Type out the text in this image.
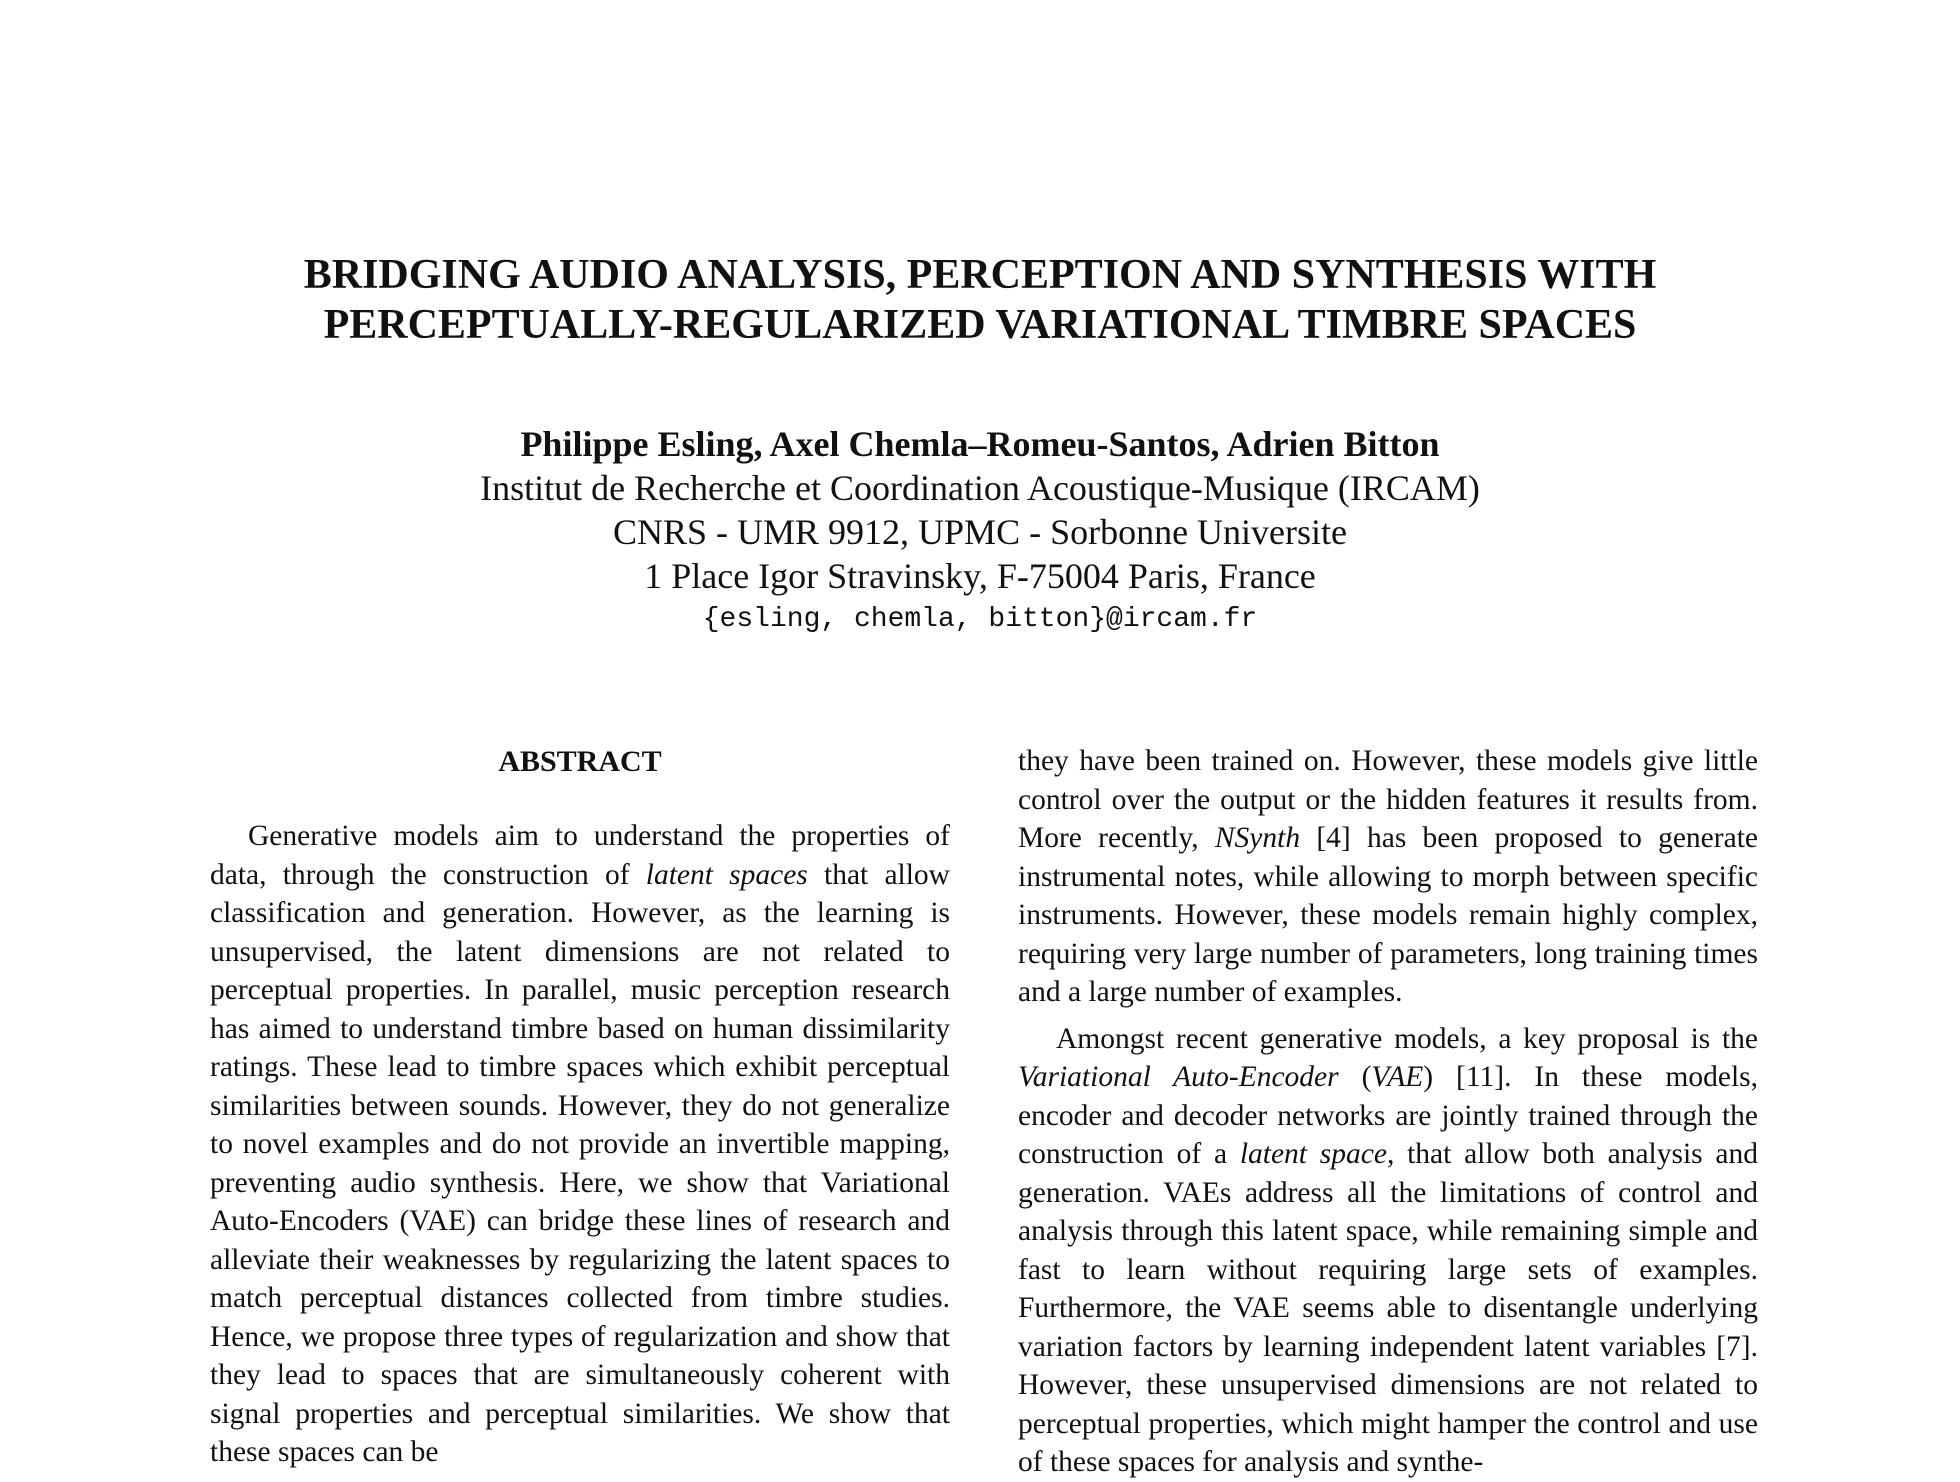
BRIDGING AUDIO ANALYSIS, PERCEPTION AND SYNTHESIS WITH
PERCEPTUALLY-REGULARIZED VARIATIONAL TIMBRE SPACES
Philippe Esling, Axel Chemla–Romeu-Santos, Adrien Bitton
Institut de Recherche et Coordination Acoustique-Musique (IRCAM)
CNRS - UMR 9912, UPMC - Sorbonne Universite
1 Place Igor Stravinsky, F-75004 Paris, France
{esling, chemla, bitton}@ircam.fr
ABSTRACT

Generative models aim to understand the properties of data, through the construction of latent spaces that allow classification and generation. However, as the learning is unsupervised, the latent dimensions are not related to perceptual properties. In parallel, music perception research has aimed to understand timbre based on human dissimilarity ratings. These lead to timbre spaces which exhibit perceptual similarities between sounds. However, they do not generalize to novel examples and do not provide an invertible mapping, preventing audio synthesis. Here, we show that Variational Auto-Encoders (VAE) can bridge these lines of research and alleviate their weaknesses by regularizing the latent spaces to match perceptual distances collected from timbre studies. Hence, we propose three types of regularization and show that they lead to spaces that are simultaneously coherent with signal properties and perceptual similarities. We show that these spaces can be

they have been trained on. However, these models give little control over the output or the hidden features it results from. More recently, NSynth [4] has been proposed to generate instrumental notes, while allowing to morph between specific instruments. However, these models remain highly complex, requiring very large number of parameters, long training times and a large number of examples.

Amongst recent generative models, a key proposal is the Variational Auto-Encoder (VAE) [11]. In these models, encoder and decoder networks are jointly trained through the construction of a latent space, that allow both analysis and generation. VAEs address all the limitations of control and analysis through this latent space, while remaining simple and fast to learn without requiring large sets of examples. Furthermore, the VAE seems able to disentangle underlying variation factors by learning independent latent variables [7]. However, these unsupervised dimensions are not related to perceptual properties, which might hamper the control and use of these spaces for analysis and synthe-
